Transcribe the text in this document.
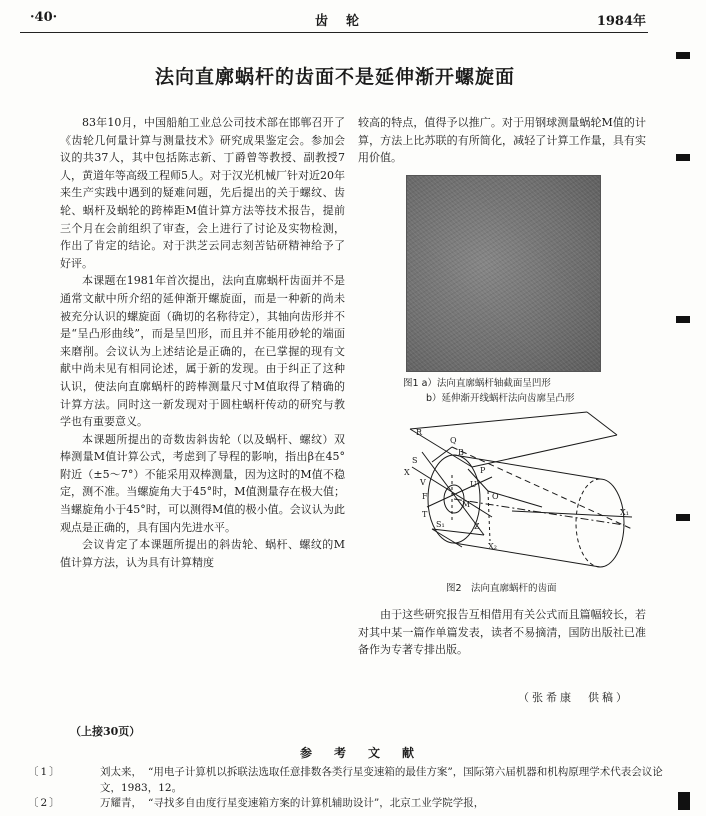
·40·	齿轮	1984年
法向直廓蜗杆的齿面不是延伸渐开螺旋面

83年10月，中国船舶工业总公司技术部在邯郸召开了《齿轮几何量计算与测量技术》研究成果鉴定会。参加会议的共37人，其中包括陈志新、丁爵曾等教授、副教授7人，黄道年等高级工程师5人。对于汉光机械厂针对近20年来生产实践中遇到的疑难问题，先后提出的关于螺纹、齿轮、蜗杆及蜗轮的跨棒距M值计算方法等技术报告，提前三个月在会前组织了审查，会上进行了讨论及实物检测，作出了肯定的结论。对于洪芝云同志刻苦钻研精神给予了好评。

本课题在1981年首次提出，法向直廓蜗杆齿面并不是通常文献中所介绍的延伸渐开螺旋面，而是一种新的尚未被充分认识的螺旋面（确切的名称待定），其轴向齿形并不是“呈凸形曲线”，而是呈凹形，而且并不能用砂轮的端面来磨削。会议认为上述结论是正确的，在已掌握的现有文献中尚未见有相同论述，属于新的发现。由于纠正了这种认识，使法向直廓蜗杆的跨棒测量尺寸M值取得了精确的计算方法。同时这一新发现对于圆柱蜗杆传动的研究与教学也有重要意义。

本课题所提出的奇数齿斜齿轮（以及蜗杆、螺纹）双棒测量M值计算公式，考虑到了导程的影响，指出β在45°附近（±5～7°）不能采用双棒测量，因为这时的M值不稳定，测不准。当螺旋角大于45°时，M值测量存在极大值；当螺旋角小于45°时，可以测得M值的极小值。会议认为此观点是正确的，具有国内先进水平。

会议肯定了本课题所提出的斜齿轮、蜗杆、螺纹的M值计算方法，认为具有计算精度

较高的特点，值得予以推广。对于用钢球测量蜗轮M值的计算，方法上比苏联的有所简化，减轻了计算工作量，具有实用价值。

图1 a）法向直廓蜗杆轴截面呈凹形
b）延伸渐开线蜗杆法向齿廓呈凸形
R
Q
B
S
X
V
F
T
S₁
P
O
M
U
Z
X₂
X₁
图2　法向直廓蜗杆的齿面

由于这些研究报告互相借用有关公式而且篇幅较长，若对其中某一篇作单篇发表，读者不易摘清，国防出版社已准备作为专著专排出版。

（张希康　供稿）
（上接30页）
参考文献
〔1〕	刘太来， “用电子计算机以拆联法选取任意排数各类行星变速箱的最佳方案”，国际第六届机器和机构原理学术代表会议论文，1983，12。
〔2〕	万耀青， “寻找多自由度行星变速箱方案的计算机辅助设计”，北京工业学院学报，
